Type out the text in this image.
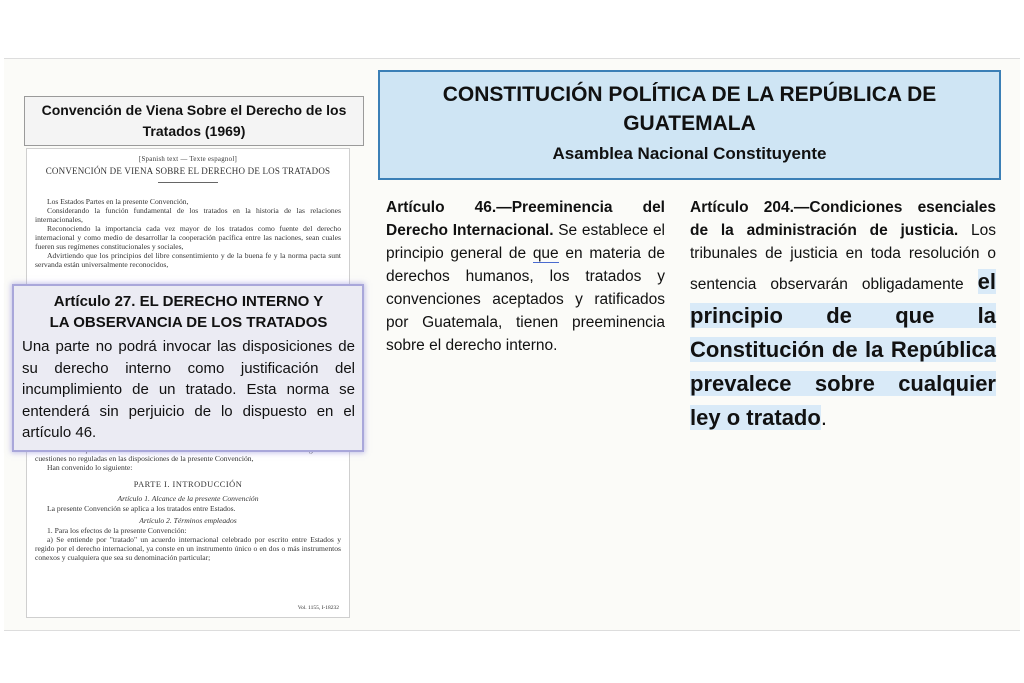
Convención de Viena Sobre el Derecho de los
Tratados (1969)
[Spanish text — Texte espagnol]
CONVENCIÓN DE VIENA SOBRE EL DERECHO DE LOS TRATADOS

Los Estados Partes en la presente Convención,

Considerando la función fundamental de los tratados en la historia de las relaciones internacionales,

Reconociendo la importancia cada vez mayor de los tratados como fuente del derecho internacional y como medio de desarrollar la cooperación pacífica entre las naciones, sean cuales fueren sus regímenes constitucionales y sociales,

Advirtiendo que los principios del libre consentimiento y de la buena fe y la norma pacta sunt servanda están universalmente reconocidos,

cuestiones no reguladas en las disposiciones de la presente Convención,

Han convenido lo siguiente:

PARTE I. INTRODUCCIÓN
Artículo 1. Alcance de la presente Convención

La presente Convención se aplica a los tratados entre Estados.

Artículo 2. Términos empleados

1. Para los efectos de la presente Convención:

a) Se entiende por "tratado" un acuerdo internacional celebrado por escrito entre Estados y regido por el derecho internacional, ya conste en un instrumento único o en dos o más instrumentos conexos y cualquiera que sea su denominación particular;

Vol. 1155, I-18232
Artículo 27. EL DERECHO INTERNO Y
LA OBSERVANCIA DE LOS TRATADOS
Una parte no podrá invocar las disposiciones de su derecho interno como justificación del incumplimiento de un tratado. Esta norma se entenderá sin perjuicio de lo dispuesto en el artículo 46.
CONSTITUCIÓN POLÍTICA DE LA REPÚBLICA DE
GUATEMALA
Asamblea Nacional Constituyente
Artículo 46.—Preeminencia del Derecho Internacional. Se establece el principio general de que en materia de derechos humanos, los tratados y convenciones aceptados y ratificados por Guatemala, tienen preeminencia sobre el derecho interno.
Artículo 204.—Condiciones esenciales de la administración de justicia. Los tribunales de justicia en toda resolución o sentencia observarán obligadamente el principio de que la Constitución de la República prevalece sobre cualquier ley o tratado.
